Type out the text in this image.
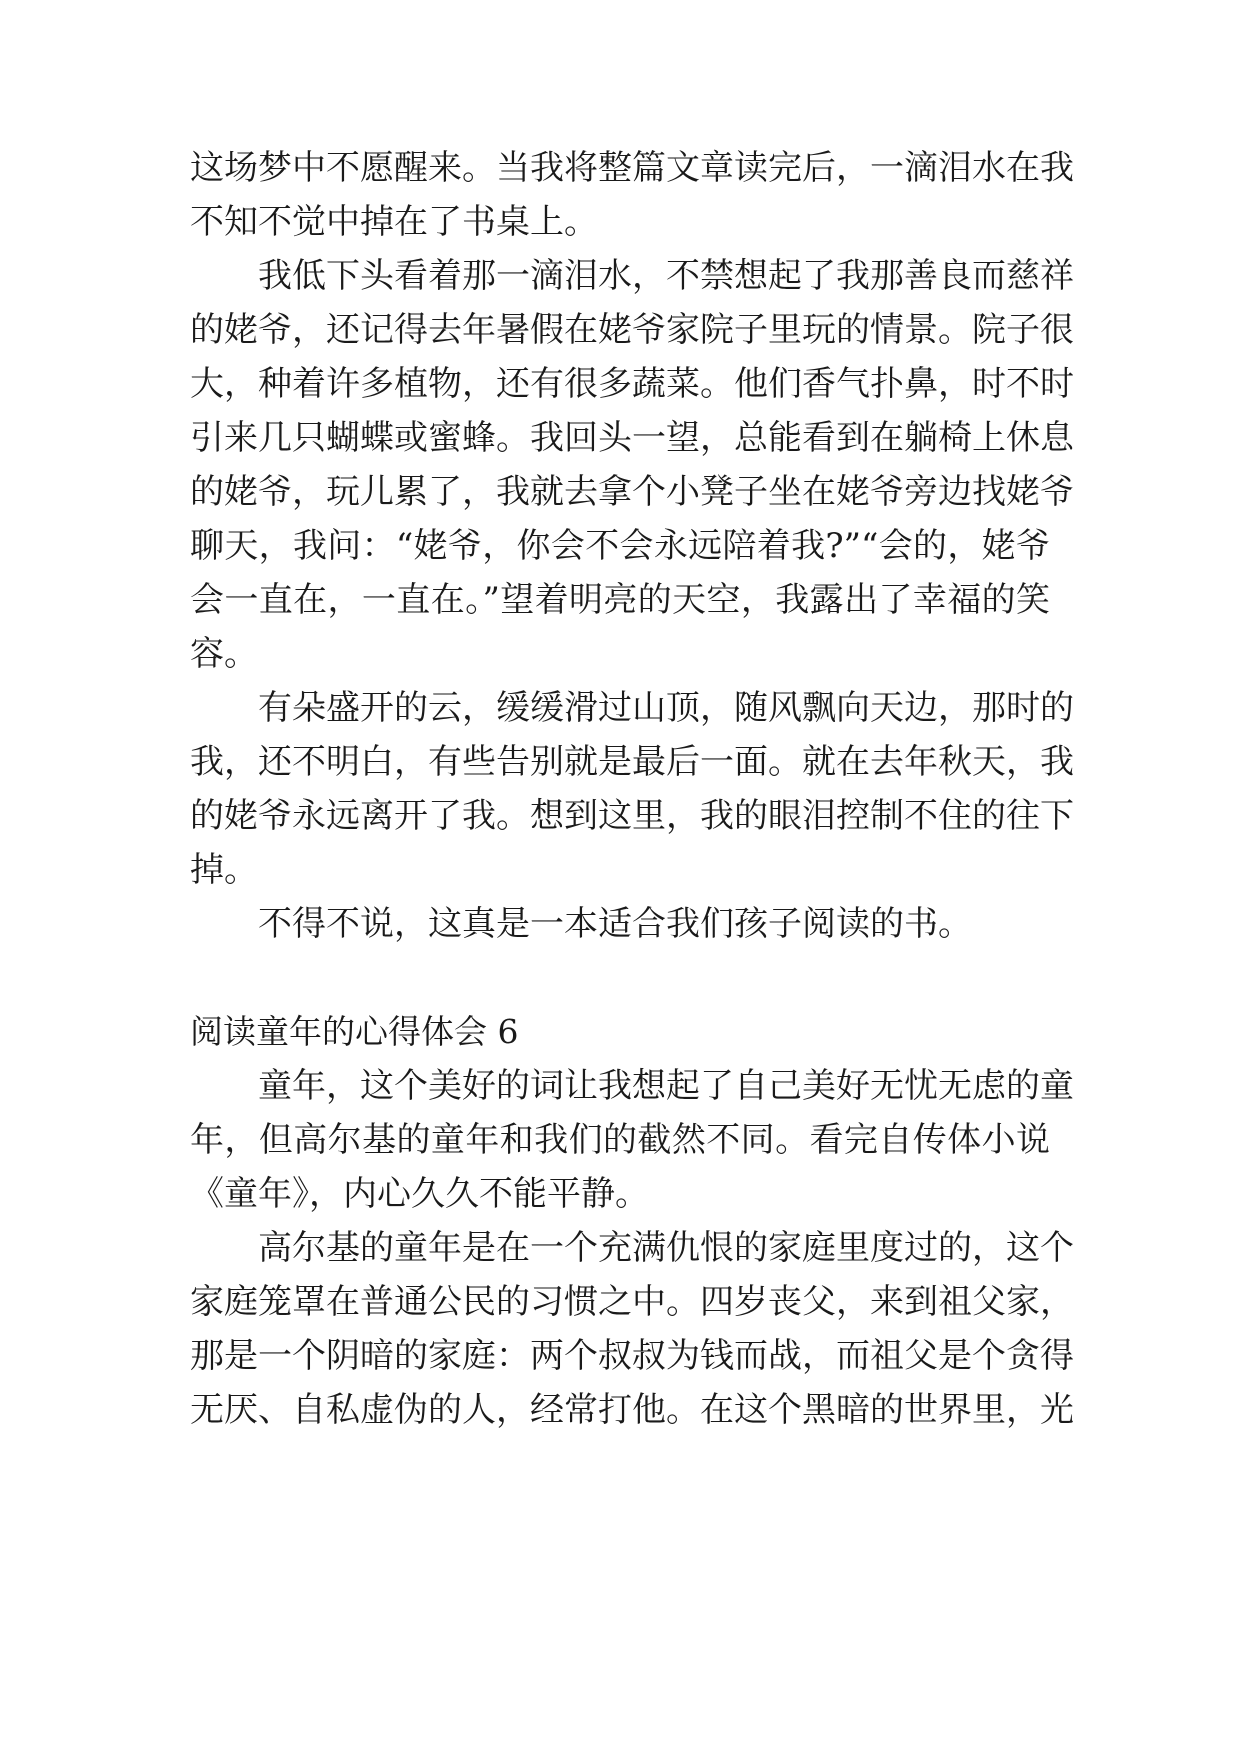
这场梦中不愿醒来。当我将整篇文章读完后，一滴泪水在我
不知不觉中掉在了书桌上。
我低下头看着那一滴泪水，不禁想起了我那善良而慈祥
的姥爷，还记得去年暑假在姥爷家院子里玩的情景。院子很
大，种着许多植物，还有很多蔬菜。他们香气扑鼻，时不时
引来几只蝴蝶或蜜蜂。我回头一望，总能看到在躺椅上休息
的姥爷，玩儿累了，我就去拿个小凳子坐在姥爷旁边找姥爷
聊天，我问：“姥爷，你会不会永远陪着我?”“会的，姥爷
会一直在，一直在。”望着明亮的天空，我露出了幸福的笑
容。
有朵盛开的云，缓缓滑过山顶，随风飘向天边，那时的
我，还不明白，有些告别就是最后一面。就在去年秋天，我
的姥爷永远离开了我。想到这里，我的眼泪控制不住的往下
掉。
不得不说，这真是一本适合我们孩子阅读的书。
阅读童年的心得体会 6
童年，这个美好的词让我想起了自己美好无忧无虑的童
年，但高尔基的童年和我们的截然不同。看完自传体小说
《童年》，内心久久不能平静。
高尔基的童年是在一个充满仇恨的家庭里度过的，这个
家庭笼罩在普通公民的习惯之中。四岁丧父，来到祖父家，
那是一个阴暗的家庭：两个叔叔为钱而战，而祖父是个贪得
无厌、自私虚伪的人，经常打他。在这个黑暗的世界里，光
